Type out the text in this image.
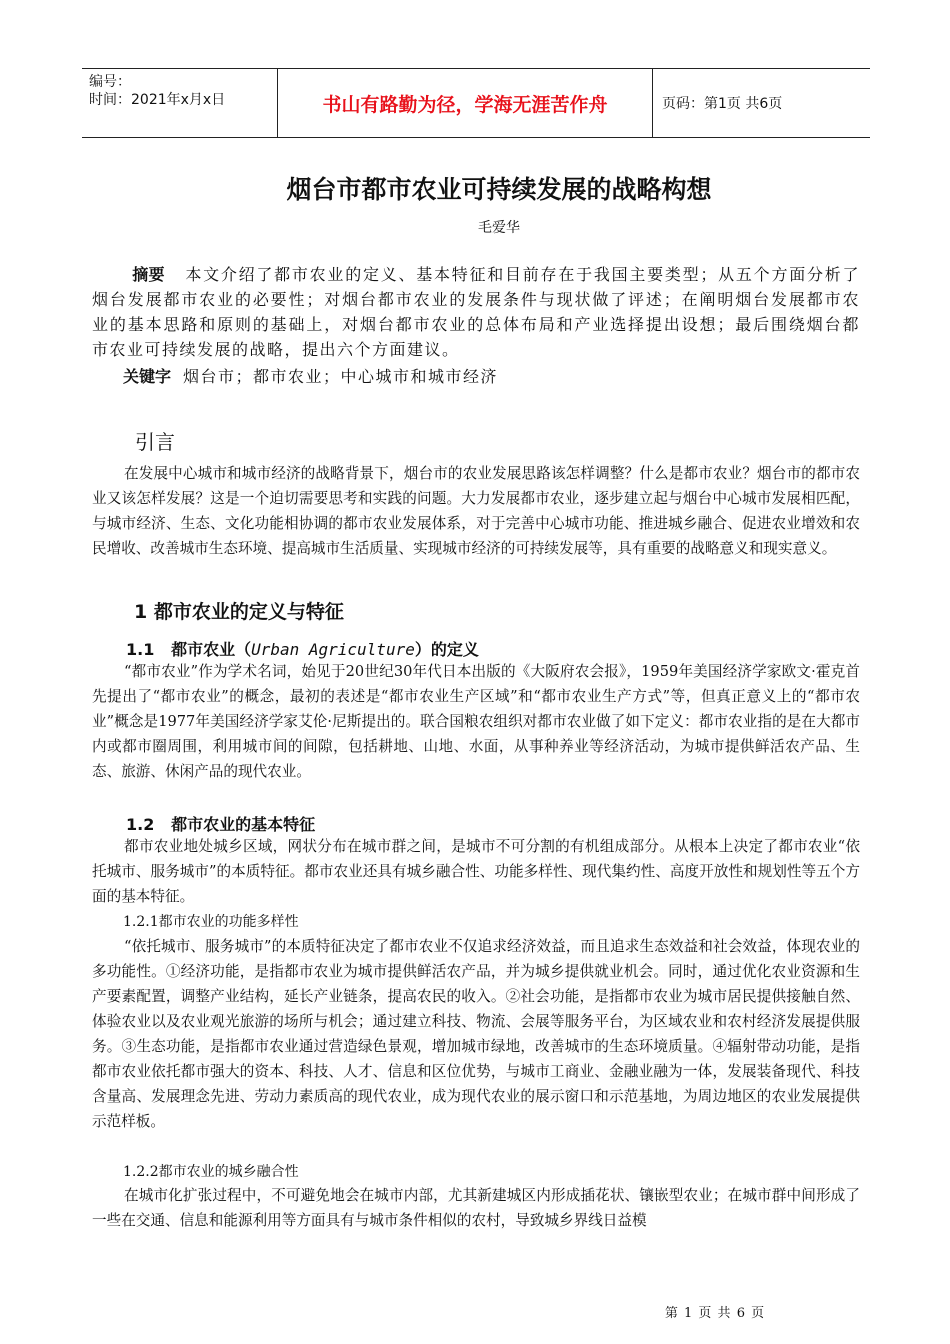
编号：
时间：2021年x月x日	书山有路勤为径，学海无涯苦作舟	页码：第1页 共6页
烟台市都市农业可持续发展的战略构想
毛爱华
摘要 本文介绍了都市农业的定义、基本特征和目前存在于我国主要类型；从五个方面分析了烟台发展都市农业的必要性；对烟台都市农业的发展条件与现状做了评述；在阐明烟台发展都市农业的基本思路和原则的基础上，对烟台都市农业的总体布局和产业选择提出设想；最后围绕烟台都市农业可持续发展的战略，提出六个方面建议。
关键字 烟台市；都市农业；中心城市和城市经济
引言
在发展中心城市和城市经济的战略背景下，烟台市的农业发展思路该怎样调整？什么是都市农业？烟台市的都市农业又该怎样发展？这是一个迫切需要思考和实践的问题。大力发展都市农业，逐步建立起与烟台中心城市发展相匹配，与城市经济、生态、文化功能相协调的都市农业发展体系，对于完善中心城市功能、推进城乡融合、促进农业增效和农民增收、改善城市生态环境、提高城市生活质量、实现城市经济的可持续发展等，具有重要的战略意义和现实意义。
1 都市农业的定义与特征
1.1 都市农业（Urban Agriculture）的定义
“都市农业”作为学术名词，始见于20世纪30年代日本出版的《大阪府农会报》，1959年美国经济学家欧文·霍克首先提出了“都市农业”的概念，最初的表述是“都市农业生产区域”和“都市农业生产方式”等，但真正意义上的“都市农业”概念是1977年美国经济学家艾伦·尼斯提出的。联合国粮农组织对都市农业做了如下定义：都市农业指的是在大都市内或都市圈周围，利用城市间的间隙，包括耕地、山地、水面，从事种养业等经济活动，为城市提供鲜活农产品、生态、旅游、休闲产品的现代农业。
1.2 都市农业的基本特征
都市农业地处城乡区域，网状分布在城市群之间，是城市不可分割的有机组成部分。从根本上决定了都市农业“依托城市、服务城市”的本质特征。都市农业还具有城乡融合性、功能多样性、现代集约性、高度开放性和规划性等五个方面的基本特征。
1.2.1都市农业的功能多样性
“依托城市、服务城市”的本质特征决定了都市农业不仅追求经济效益，而且追求生态效益和社会效益，体现农业的多功能性。①经济功能，是指都市农业为城市提供鲜活农产品，并为城乡提供就业机会。同时，通过优化农业资源和生产要素配置，调整产业结构，延长产业链条，提高农民的收入。②社会功能，是指都市农业为城市居民提供接触自然、体验农业以及农业观光旅游的场所与机会；通过建立科技、物流、会展等服务平台，为区域农业和农村经济发展提供服务。③生态功能，是指都市农业通过营造绿色景观，增加城市绿地，改善城市的生态环境质量。④辐射带动功能，是指都市农业依托都市强大的资本、科技、人才、信息和区位优势，与城市工商业、金融业融为一体，发展装备现代、科技含量高、发展理念先进、劳动力素质高的现代农业，成为现代农业的展示窗口和示范基地，为周边地区的农业发展提供示范样板。
1.2.2都市农业的城乡融合性
在城市化扩张过程中，不可避免地会在城市内部，尤其新建城区内形成插花状、镶嵌型农业；在城市群中间形成了一些在交通、信息和能源利用等方面具有与城市条件相似的农村，导致城乡界线日益模
第 1 页 共 6 页
